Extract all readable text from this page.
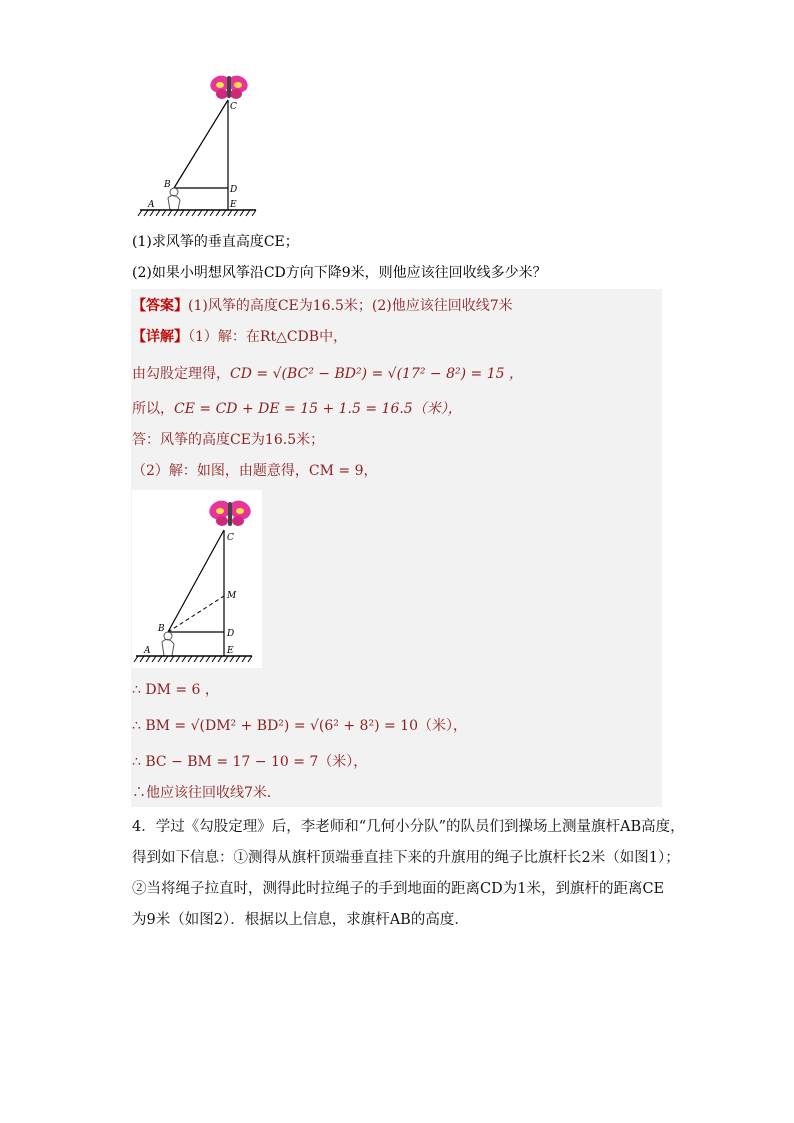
C
B	D
A	E
(1)求风筝的垂直高度CE；
(2)如果小明想风筝沿CD方向下降9米，则他应该往回收线多少米？
【答案】(1)风筝的高度CE为16.5米；(2)他应该往回收线7米
【详解】（1）解：在Rt△CDB中，
由勾股定理得，CD = √(BC² − BD²) = √(17² − 8²) = 15 ，
所以，CE = CD + DE = 15 + 1.5 = 16.5（米），
答：风筝的高度CE为16.5米；
（2）解：如图，由题意得，CM = 9，
C
M
B	D
A	E
∴ DM = 6 ，
∴ BM = √(DM² + BD²) = √(6² + 8²) = 10（米），
∴ BC − BM = 17 − 10 = 7（米），
∴他应该往回收线7米．
4．学过《勾股定理》后，李老师和“几何小分队”的队员们到操场上测量旗杆AB高度，
得到如下信息：①测得从旗杆顶端垂直挂下来的升旗用的绳子比旗杆长2米（如图1）；
②当将绳子拉直时，测得此时拉绳子的手到地面的距离CD为1米，到旗杆的距离CE
为9米（如图2）．根据以上信息，求旗杆AB的高度．
